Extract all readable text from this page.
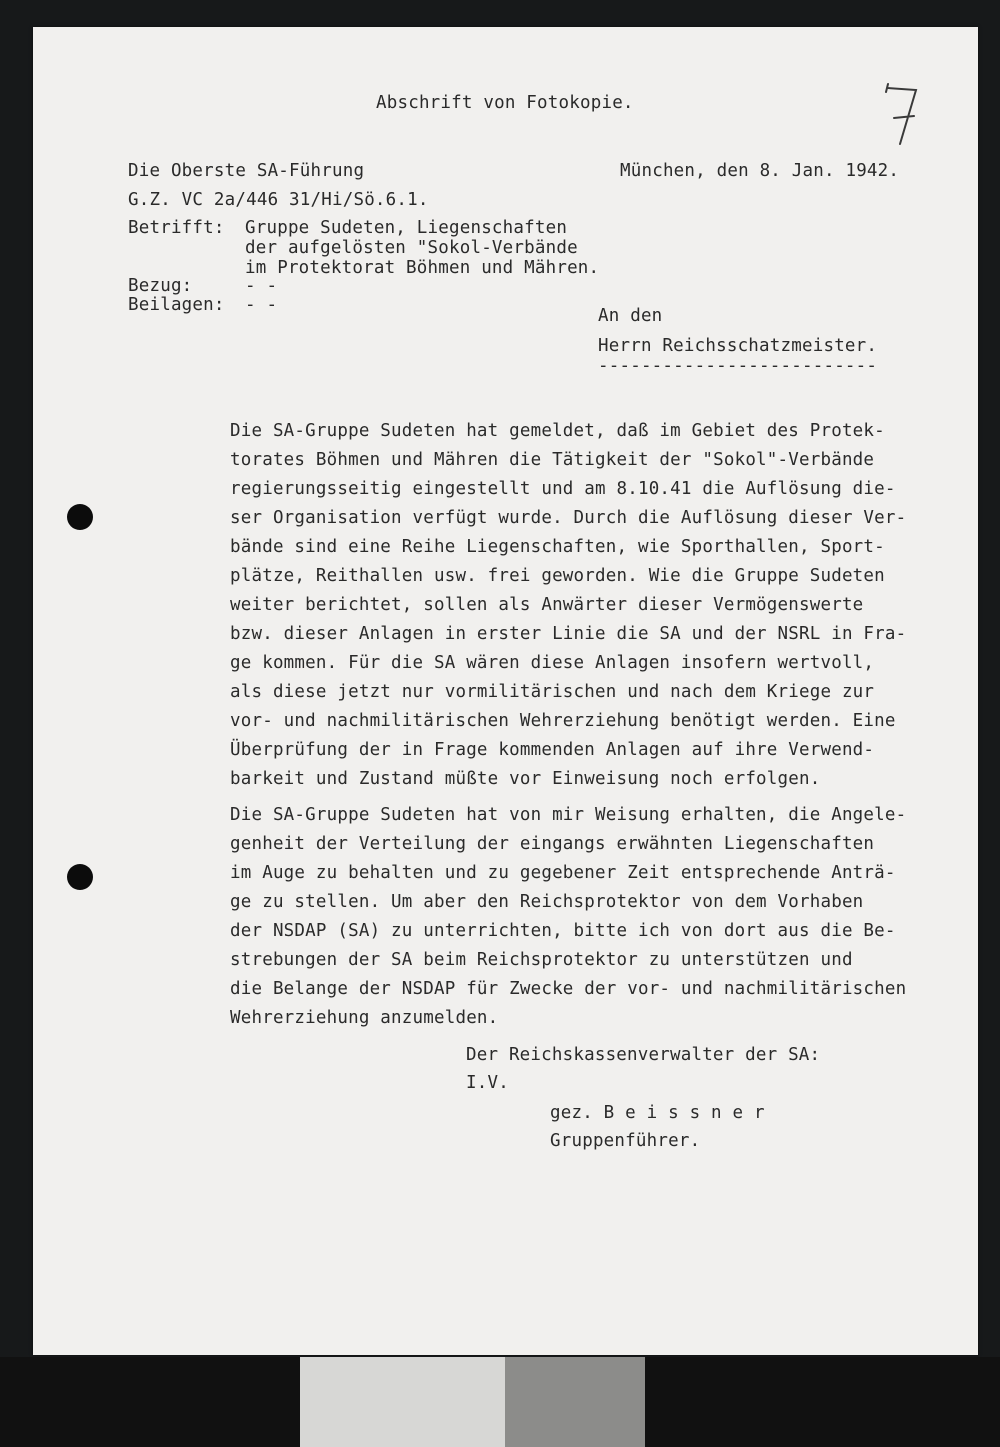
Abschrift von Fotokopie.
Die Oberste SA-Führung	München, den 8. Jan. 1942.
G.Z. VC 2a/446 31/Hi/Sö.6.1.
Betrifft: Gruppe Sudeten, Liegenschaften
der aufgelösten "Sokol-Verbände
im Protektorat Böhmen und Mähren.
Bezug:	- -
Beilagen: - -
An den
Herrn Reichsschatzmeister.
--------------------------

Die SA-Gruppe Sudeten hat gemeldet, daß im Gebiet des Protek-

torates Böhmen und Mähren die Tätigkeit der "Sokol"-Verbände

regierungsseitig eingestellt und am 8.10.41 die Auflösung die-

ser Organisation verfügt wurde. Durch die Auflösung dieser Ver-

bände sind eine Reihe Liegenschaften, wie Sporthallen, Sport-

plätze, Reithallen usw. frei geworden. Wie die Gruppe Sudeten

weiter berichtet, sollen als Anwärter dieser Vermögenswerte

bzw. dieser Anlagen in erster Linie die SA und der NSRL in Fra-

ge kommen. Für die SA wären diese Anlagen insofern wertvoll,

als diese jetzt nur vormilitärischen und nach dem Kriege zur

vor- und nachmilitärischen Wehrerziehung benötigt werden. Eine

Überprüfung der in Frage kommenden Anlagen auf ihre Verwend-

barkeit und Zustand müßte vor Einweisung noch erfolgen.

Die SA-Gruppe Sudeten hat von mir Weisung erhalten, die Angele-

genheit der Verteilung der eingangs erwähnten Liegenschaften

im Auge zu behalten und zu gegebener Zeit entsprechende Anträ-

ge zu stellen. Um aber den Reichsprotektor von dem Vorhaben

der NSDAP (SA) zu unterrichten, bitte ich von dort aus die Be-

strebungen der SA beim Reichsprotektor zu unterstützen und

die Belange der NSDAP für Zwecke der vor- und nachmilitärischen

Wehrerziehung anzumelden.

Der Reichskassenverwalter der SA:
I.V.
gez. B e i s s n e r
Gruppenführer.
